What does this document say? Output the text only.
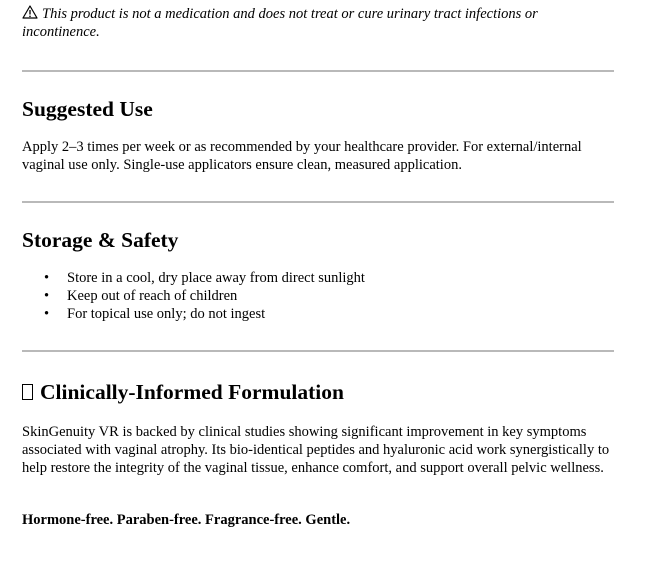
This product is not a medication and does not treat or cure urinary tract infections or incontinence.

Suggested Use

Apply 2–3 times per week or as recommended by your healthcare provider. For external/internal vaginal use only. Single-use applicators ensure clean, measured application.

Storage & Safety
• Store in a cool, dry place away from direct sunlight
• Keep out of reach of children
• For topical use only; do not ingest
Clinically-Informed Formulation

SkinGenuity VR is backed by clinical studies showing significant improvement in key symptoms associated with vaginal atrophy. Its bio-identical peptides and hyaluronic acid work synergistically to help restore the integrity of the vaginal tissue, enhance comfort, and support overall pelvic wellness.

Hormone-free. Paraben-free. Fragrance-free. Gentle.
